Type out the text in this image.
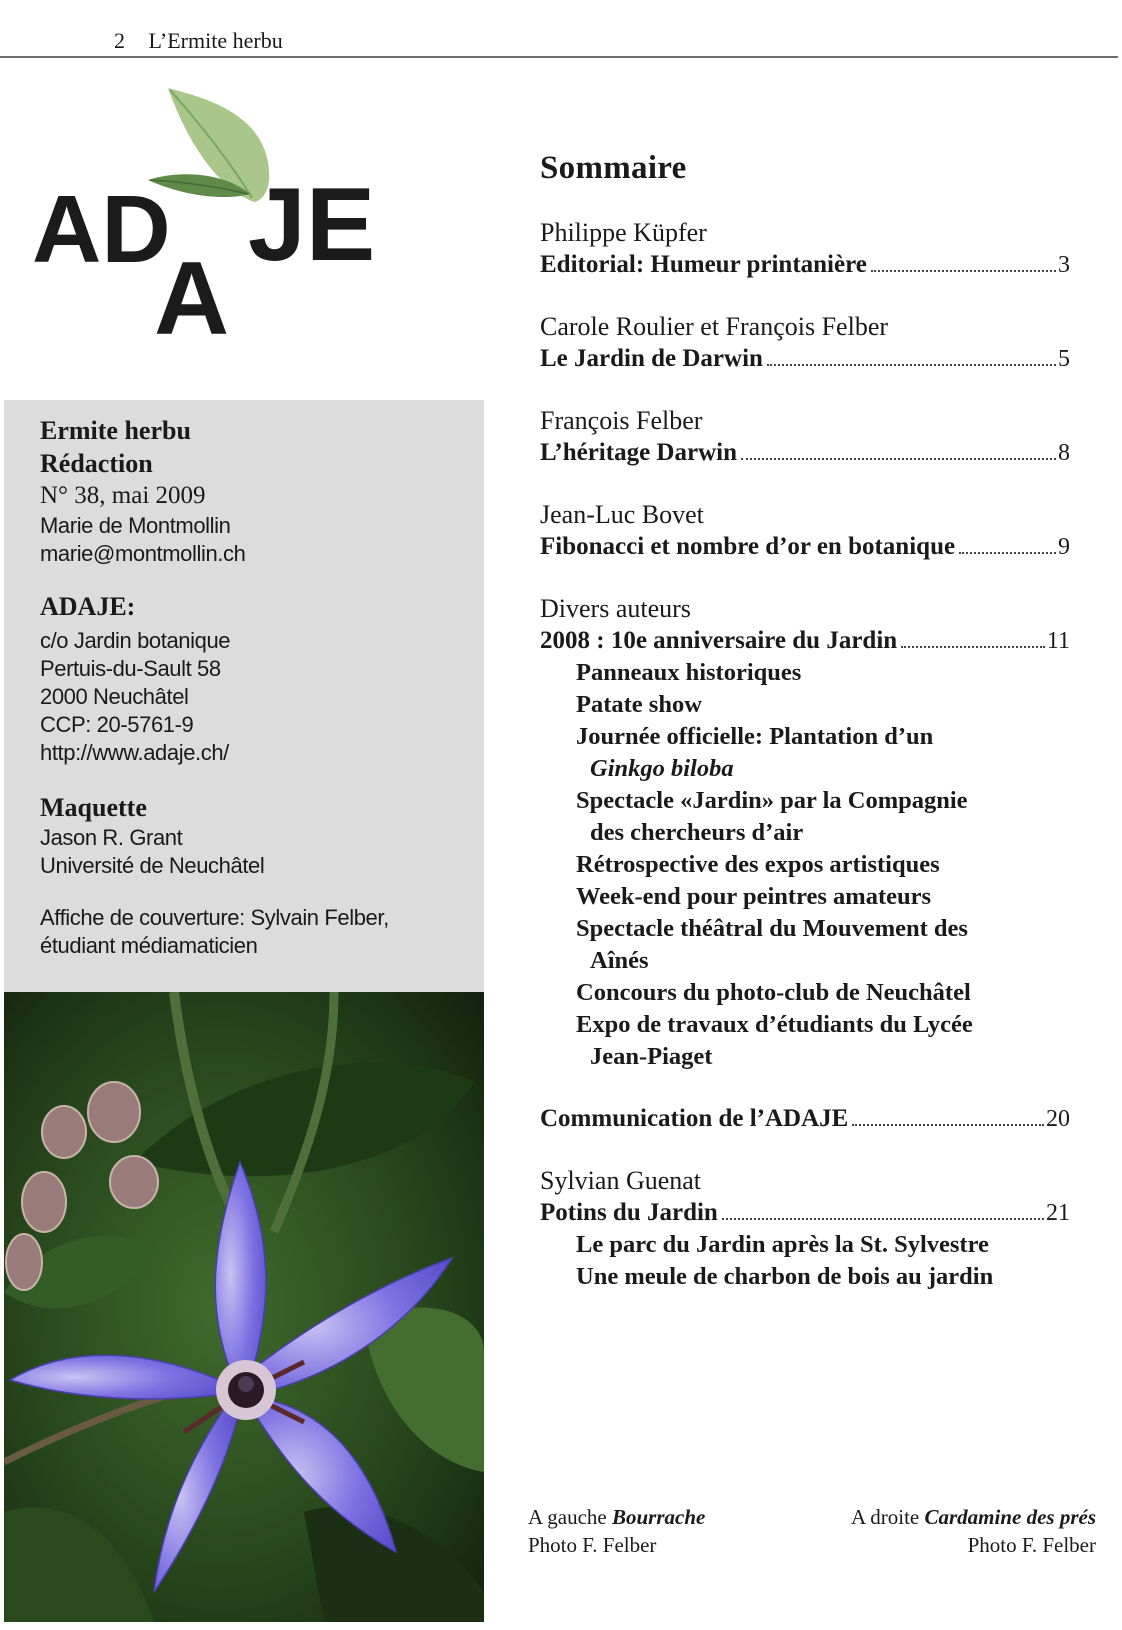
2 L’Ermite herbu
AD
A
JE
Ermite herbu
Rédaction
N° 38, mai 2009
Marie de Montmollin
marie@montmollin.ch
ADAJE:
c/o Jardin botanique
Pertuis-du-Sault 58
2000 Neuchâtel
CCP: 20-5761-9
http://www.adaje.ch/
Maquette
Jason R. Grant
Université de Neuchâtel
Affiche de couverture: Sylvain Felber,
étudiant médiamaticien
Sommaire
Philippe Küpfer
Editorial: Humeur printanière	3
Carole Roulier et François Felber
Le Jardin de Darwin	5
François Felber
L’héritage Darwin	8
Jean-Luc Bovet
Fibonacci et nombre d’or en botanique	9
Divers auteurs
2008 : 10e anniversaire du Jardin	11
Panneaux historiques
Patate show
Journée officielle: Plantation d’un
Ginkgo biloba
Spectacle «Jardin» par la Compagnie
des chercheurs d’air
Rétrospective des expos artistiques
Week-end pour peintres amateurs
Spectacle théâtral du Mouvement des
Aînés
Concours du photo-club de Neuchâtel
Expo de travaux d’étudiants du Lycée
Jean-Piaget
Communication de l’ADAJE	20
Sylvian Guenat
Potins du Jardin	21
Le parc du Jardin après la St. Sylvestre
Une meule de charbon de bois au jardin
A gauche Bourrache
Photo F. Felber
A droite Cardamine des prés
Photo F. Felber
